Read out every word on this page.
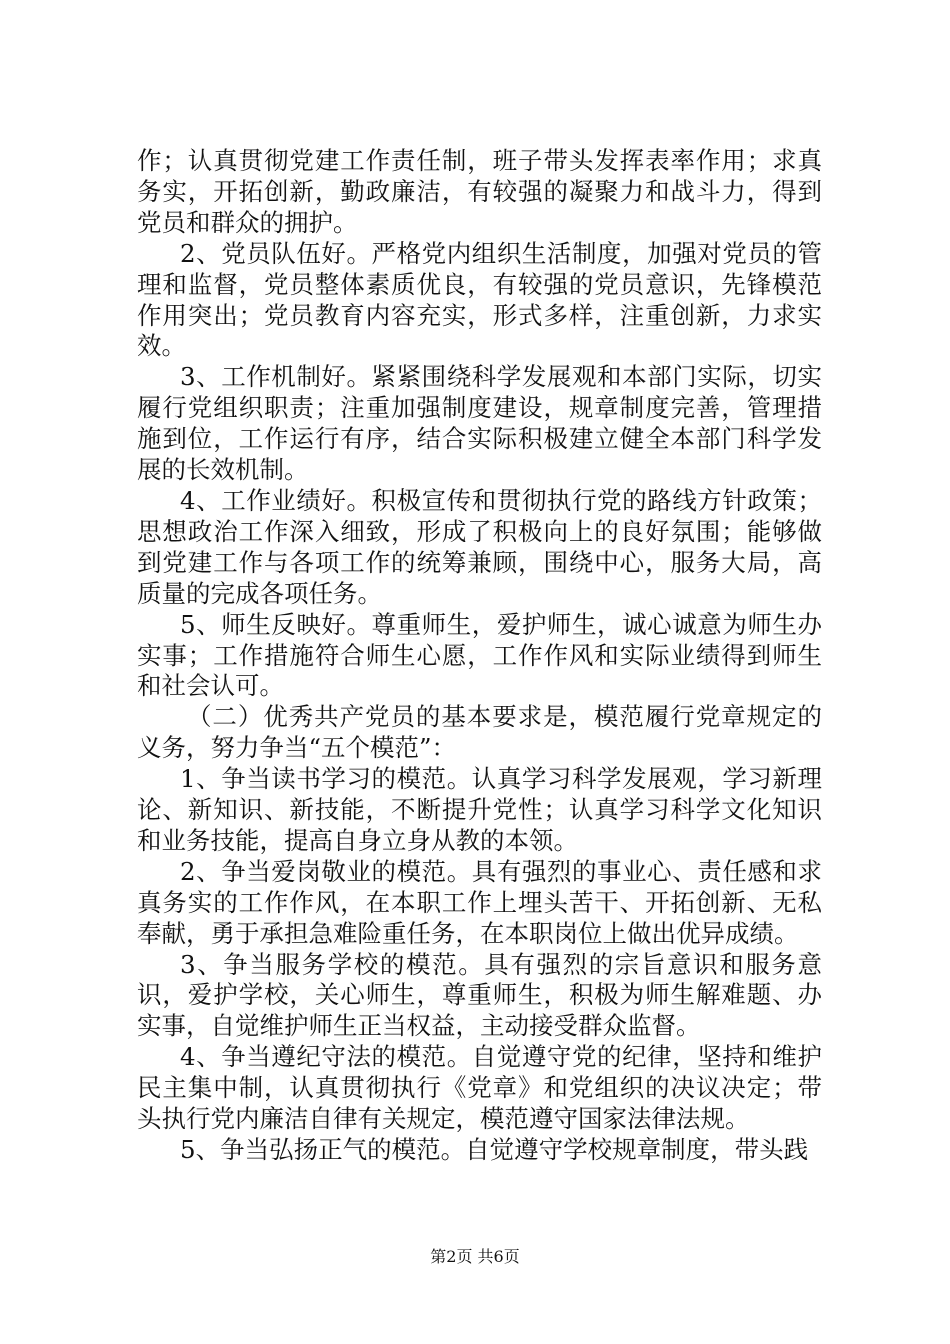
作；认真贯彻党建工作责任制，班子带头发挥表率作用；求真务实，开拓创新，勤政廉洁，有较强的凝聚力和战斗力，得到党员和群众的拥护。

2、党员队伍好。严格党内组织生活制度，加强对党员的管理和监督，党员整体素质优良，有较强的党员意识，先锋模范作用突出；党员教育内容充实，形式多样，注重创新，力求实效。

3、工作机制好。紧紧围绕科学发展观和本部门实际，切实履行党组织职责；注重加强制度建设，规章制度完善，管理措施到位，工作运行有序，结合实际积极建立健全本部门科学发展的长效机制。

4、工作业绩好。积极宣传和贯彻执行党的路线方针政策；思想政治工作深入细致，形成了积极向上的良好氛围；能够做到党建工作与各项工作的统筹兼顾，围绕中心，服务大局，高质量的完成各项任务。

5、师生反映好。尊重师生，爱护师生，诚心诚意为师生办实事；工作措施符合师生心愿，工作作风和实际业绩得到师生和社会认可。

（二）优秀共产党员的基本要求是，模范履行党章规定的义务，努力争当“五个模范”：

1、争当读书学习的模范。认真学习科学发展观，学习新理论、新知识、新技能，不断提升党性；认真学习科学文化知识和业务技能，提高自身立身从教的本领。

2、争当爱岗敬业的模范。具有强烈的事业心、责任感和求真务实的工作作风，在本职工作上埋头苦干、开拓创新、无私奉献，勇于承担急难险重任务，在本职岗位上做出优异成绩。

3、争当服务学校的模范。具有强烈的宗旨意识和服务意识，爱护学校，关心师生，尊重师生，积极为师生解难题、办实事，自觉维护师生正当权益，主动接受群众监督。

4、争当遵纪守法的模范。自觉遵守党的纪律，坚持和维护民主集中制，认真贯彻执行《党章》和党组织的决议决定；带头执行党内廉洁自律有关规定，模范遵守国家法律法规。

5、争当弘扬正气的模范。自觉遵守学校规章制度，带头践

第2页 共6页
